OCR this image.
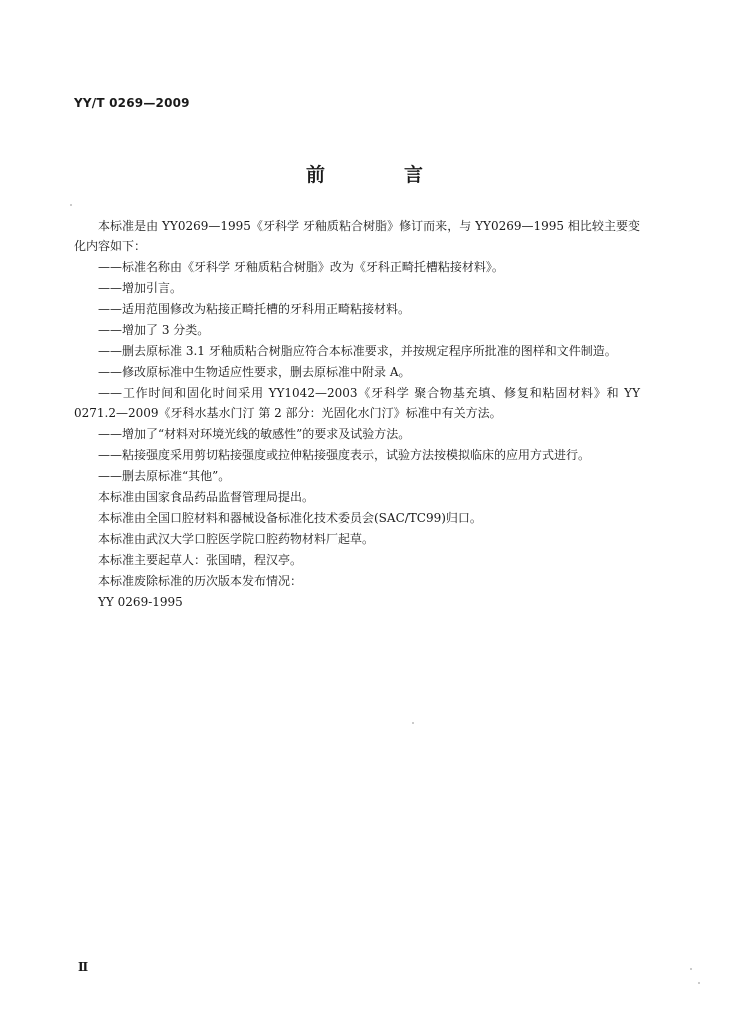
YY/T 0269—2009
前　言

本标准是由 YY0269—1995《牙科学 牙釉质粘合树脂》修订而来，与 YY0269—1995 相比较主要变化内容如下：

——标准名称由《牙科学 牙釉质粘合树脂》改为《牙科正畸托槽粘接材料》。

——增加引言。

——适用范围修改为粘接正畸托槽的牙科用正畸粘接材料。

——增加了 3 分类。

——删去原标准 3.1 牙釉质粘合树脂应符合本标准要求，并按规定程序所批准的图样和文件制造。

——修改原标准中生物适应性要求，删去原标准中附录 A。

——工作时间和固化时间采用 YY1042—2003《牙科学 聚合物基充填、修复和粘固材料》和 YY 0271.2—2009《牙科水基水门汀 第 2 部分：光固化水门汀》标准中有关方法。

——增加了“材料对环境光线的敏感性”的要求及试验方法。

——粘接强度采用剪切粘接强度或拉伸粘接强度表示，试验方法按模拟临床的应用方式进行。

——删去原标准“其他”。

本标准由国家食品药品监督管理局提出。

本标准由全国口腔材料和器械设备标准化技术委员会(SAC/TC99)归口。

本标准由武汉大学口腔医学院口腔药物材料厂起草。

本标准主要起草人：张国晴，程汉亭。

本标准废除标准的历次版本发布情况：

YY 0269-1995

Ⅱ
